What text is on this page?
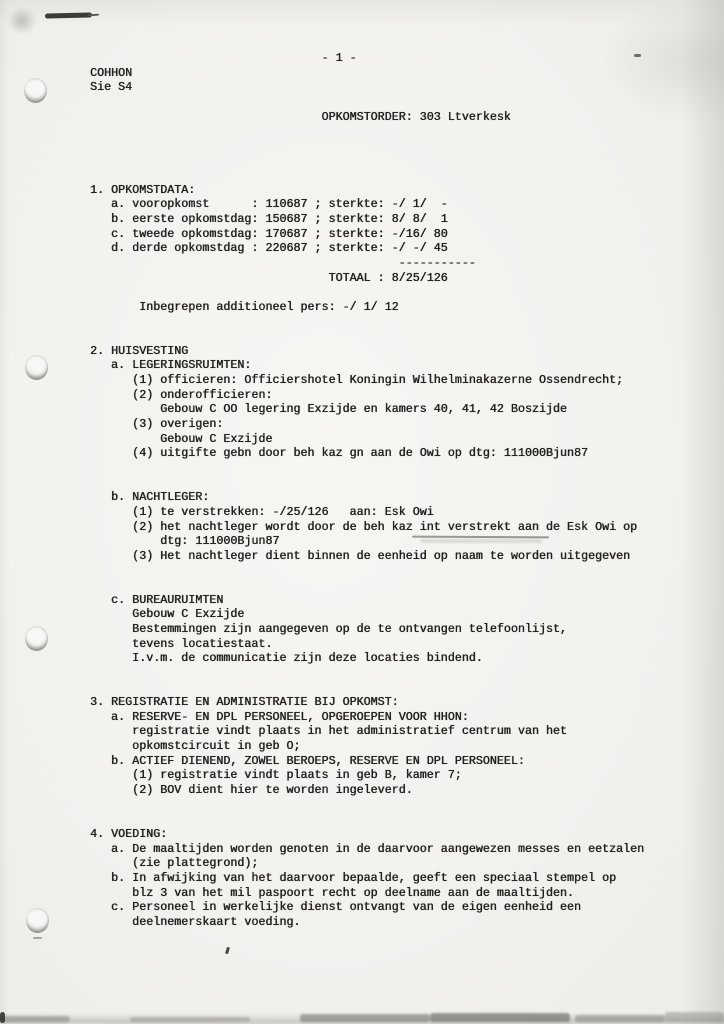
- 1 -
COHHON
Sie S4
OPKOMSTORDER: 303 Ltverkesk
1. OPKOMSTDATA:
a. vooropkomst      : 110687 ; sterkte: -/ 1/  -
b. eerste opkomstdag: 150687 ; sterkte: 8/ 8/  1
c. tweede opkomstdag: 170687 ; sterkte: -/16/ 80
d. derde opkomstdag : 220687 ; sterkte: -/ -/ 45
-----------
TOTAAL : 8/25/126
Inbegrepen additioneel pers: -/ 1/ 12
2. HUISVESTING
a. LEGERINGSRUIMTEN:
(1) officieren: Officiershotel Koningin Wilhelminakazerne Ossendrecht;
(2) onderofficieren:
Gebouw C OO legering Exzijde en kamers 40, 41, 42 Boszijde
(3) overigen:
Gebouw C Exzijde
(4) uitgifte gebn door beh kaz gn aan de Owi op dtg: 111000Bjun87
b. NACHTLEGER:
(1) te verstrekken: -/25/126   aan: Esk Owi
(2) het nachtleger wordt door de beh kaz int verstrekt aan de Esk Owi op
dtg: 111000Bjun87
(3) Het nachtleger dient binnen de eenheid op naam te worden uitgegeven
c. BUREAURUIMTEN
Gebouw C Exzijde
Bestemmingen zijn aangegeven op de te ontvangen telefoonlijst,
tevens locatiestaat.
I.v.m. de communicatie zijn deze locaties bindend.
3. REGISTRATIE EN ADMINISTRATIE BIJ OPKOMST:
a. RESERVE- EN DPL PERSONEEL, OPGEROEPEN VOOR HHON:
registratie vindt plaats in het administratief centrum van het
opkomstcircuit in geb O;
b. ACTIEF DIENEND, ZOWEL BEROEPS, RESERVE EN DPL PERSONEEL:
(1) registratie vindt plaats in geb B, kamer 7;
(2) BOV dient hier te worden ingeleverd.
4. VOEDING:
a. De maaltijden worden genoten in de daarvoor aangewezen messes en eetzalen
(zie plattegrond);
b. In afwijking van het daarvoor bepaalde, geeft een speciaal stempel op
blz 3 van het mil paspoort recht op deelname aan de maaltijden.
c. Personeel in werkelijke dienst ontvangt van de eigen eenheid een
deelnemerskaart voeding.
